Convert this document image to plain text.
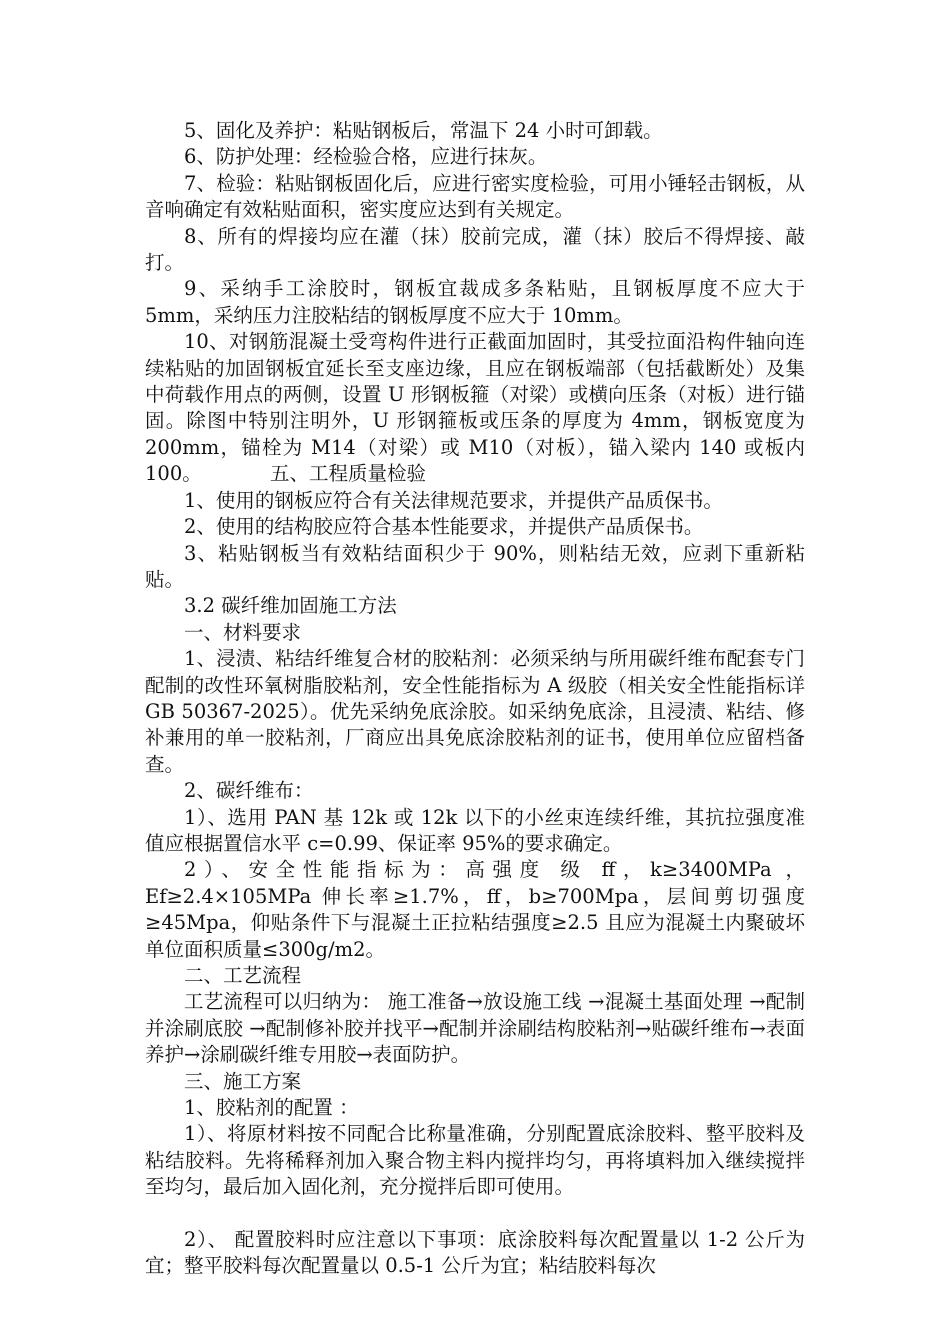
5、固化及养护：粘贴钢板后，常温下 24 小时可卸载。

6、防护处理：经检验合格，应进行抹灰。

7、检验：粘贴钢板固化后，应进行密实度检验，可用小锤轻击钢板，从音响确定有效粘贴面积，密实度应达到有关规定。

8、所有的焊接均应在灌（抹）胶前完成，灌（抹）胶后不得焊接、敲打。

9、采纳手工涂胶时，钢板宜裁成多条粘贴，且钢板厚度不应大于 5mm，采纳压力注胶粘结的钢板厚度不应大于 10mm。

10、对钢筋混凝土受弯构件进行正截面加固时，其受拉面沿构件轴向连续粘贴的加固钢板宜延长至支座边缘，且应在钢板端部（包括截断处）及集中荷载作用点的两侧，设置 U 形钢板箍（对梁）或横向压条（对板）进行锚固。除图中特别注明外，U 形钢箍板或压条的厚度为 4mm，钢板宽度为 200mm，锚栓为 M14（对梁）或 M10（对板），锚入梁内 140 或板内 100。　　　　五、工程质量检验

1、使用的钢板应符合有关法律规范要求，并提供产品质保书。

2、使用的结构胶应符合基本性能要求，并提供产品质保书。

3、粘贴钢板当有效粘结面积少于 90%，则粘结无效，应剥下重新粘贴。

3.2 碳纤维加固施工方法

一、材料要求

1、浸渍、粘结纤维复合材的胶粘剂：必须采纳与所用碳纤维布配套专门配制的改性环氧树脂胶粘剂，安全性能指标为 A 级胶（相关安全性能指标详 GB 50367-2025）。优先采纳免底涂胶。如采纳免底涂，且浸渍、粘结、修补兼用的单一胶粘剂，厂商应出具免底涂胶粘剂的证书，使用单位应留档备查。

2、碳纤维布：

1）、选用 PAN 基 12k 或 12k 以下的小丝束连续纤维，其抗拉强度准值应根据置信水平 c=0.99、保证率 95%的要求确定。

2）、安全性能指标为：高强度 级 ff，k≥3400MPa ，Ef≥2.4×105MPa 伸长率≥1.7%，ff，b≥700Mpa，层间剪切强度≥45Mpa，仰贴条件下与混凝土正拉粘结强度≥2.5 且应为混凝土内聚破坏单位面积质量≤300g/m2。

二、工艺流程

工艺流程可以归纳为： 施工准备→放设施工线 →混凝土基面处理 →配制并涂刷底胶 →配制修补胶并找平→配制并涂刷结构胶粘剂→贴碳纤维布→表面养护→涂刷碳纤维专用胶→表面防护。

三、施工方案

1、胶粘剂的配置 ：

1）、将原材料按不同配合比称量准确，分别配置底涂胶料、整平胶料及粘结胶料。先将稀释剂加入聚合物主料内搅拌均匀，再将填料加入继续搅拌至均匀，最后加入固化剂，充分搅拌后即可使用。

2）、 配置胶料时应注意以下事项：底涂胶料每次配置量以 1-2 公斤为宜；整平胶料每次配置量以 0.5-1 公斤为宜；粘结胶料每次
